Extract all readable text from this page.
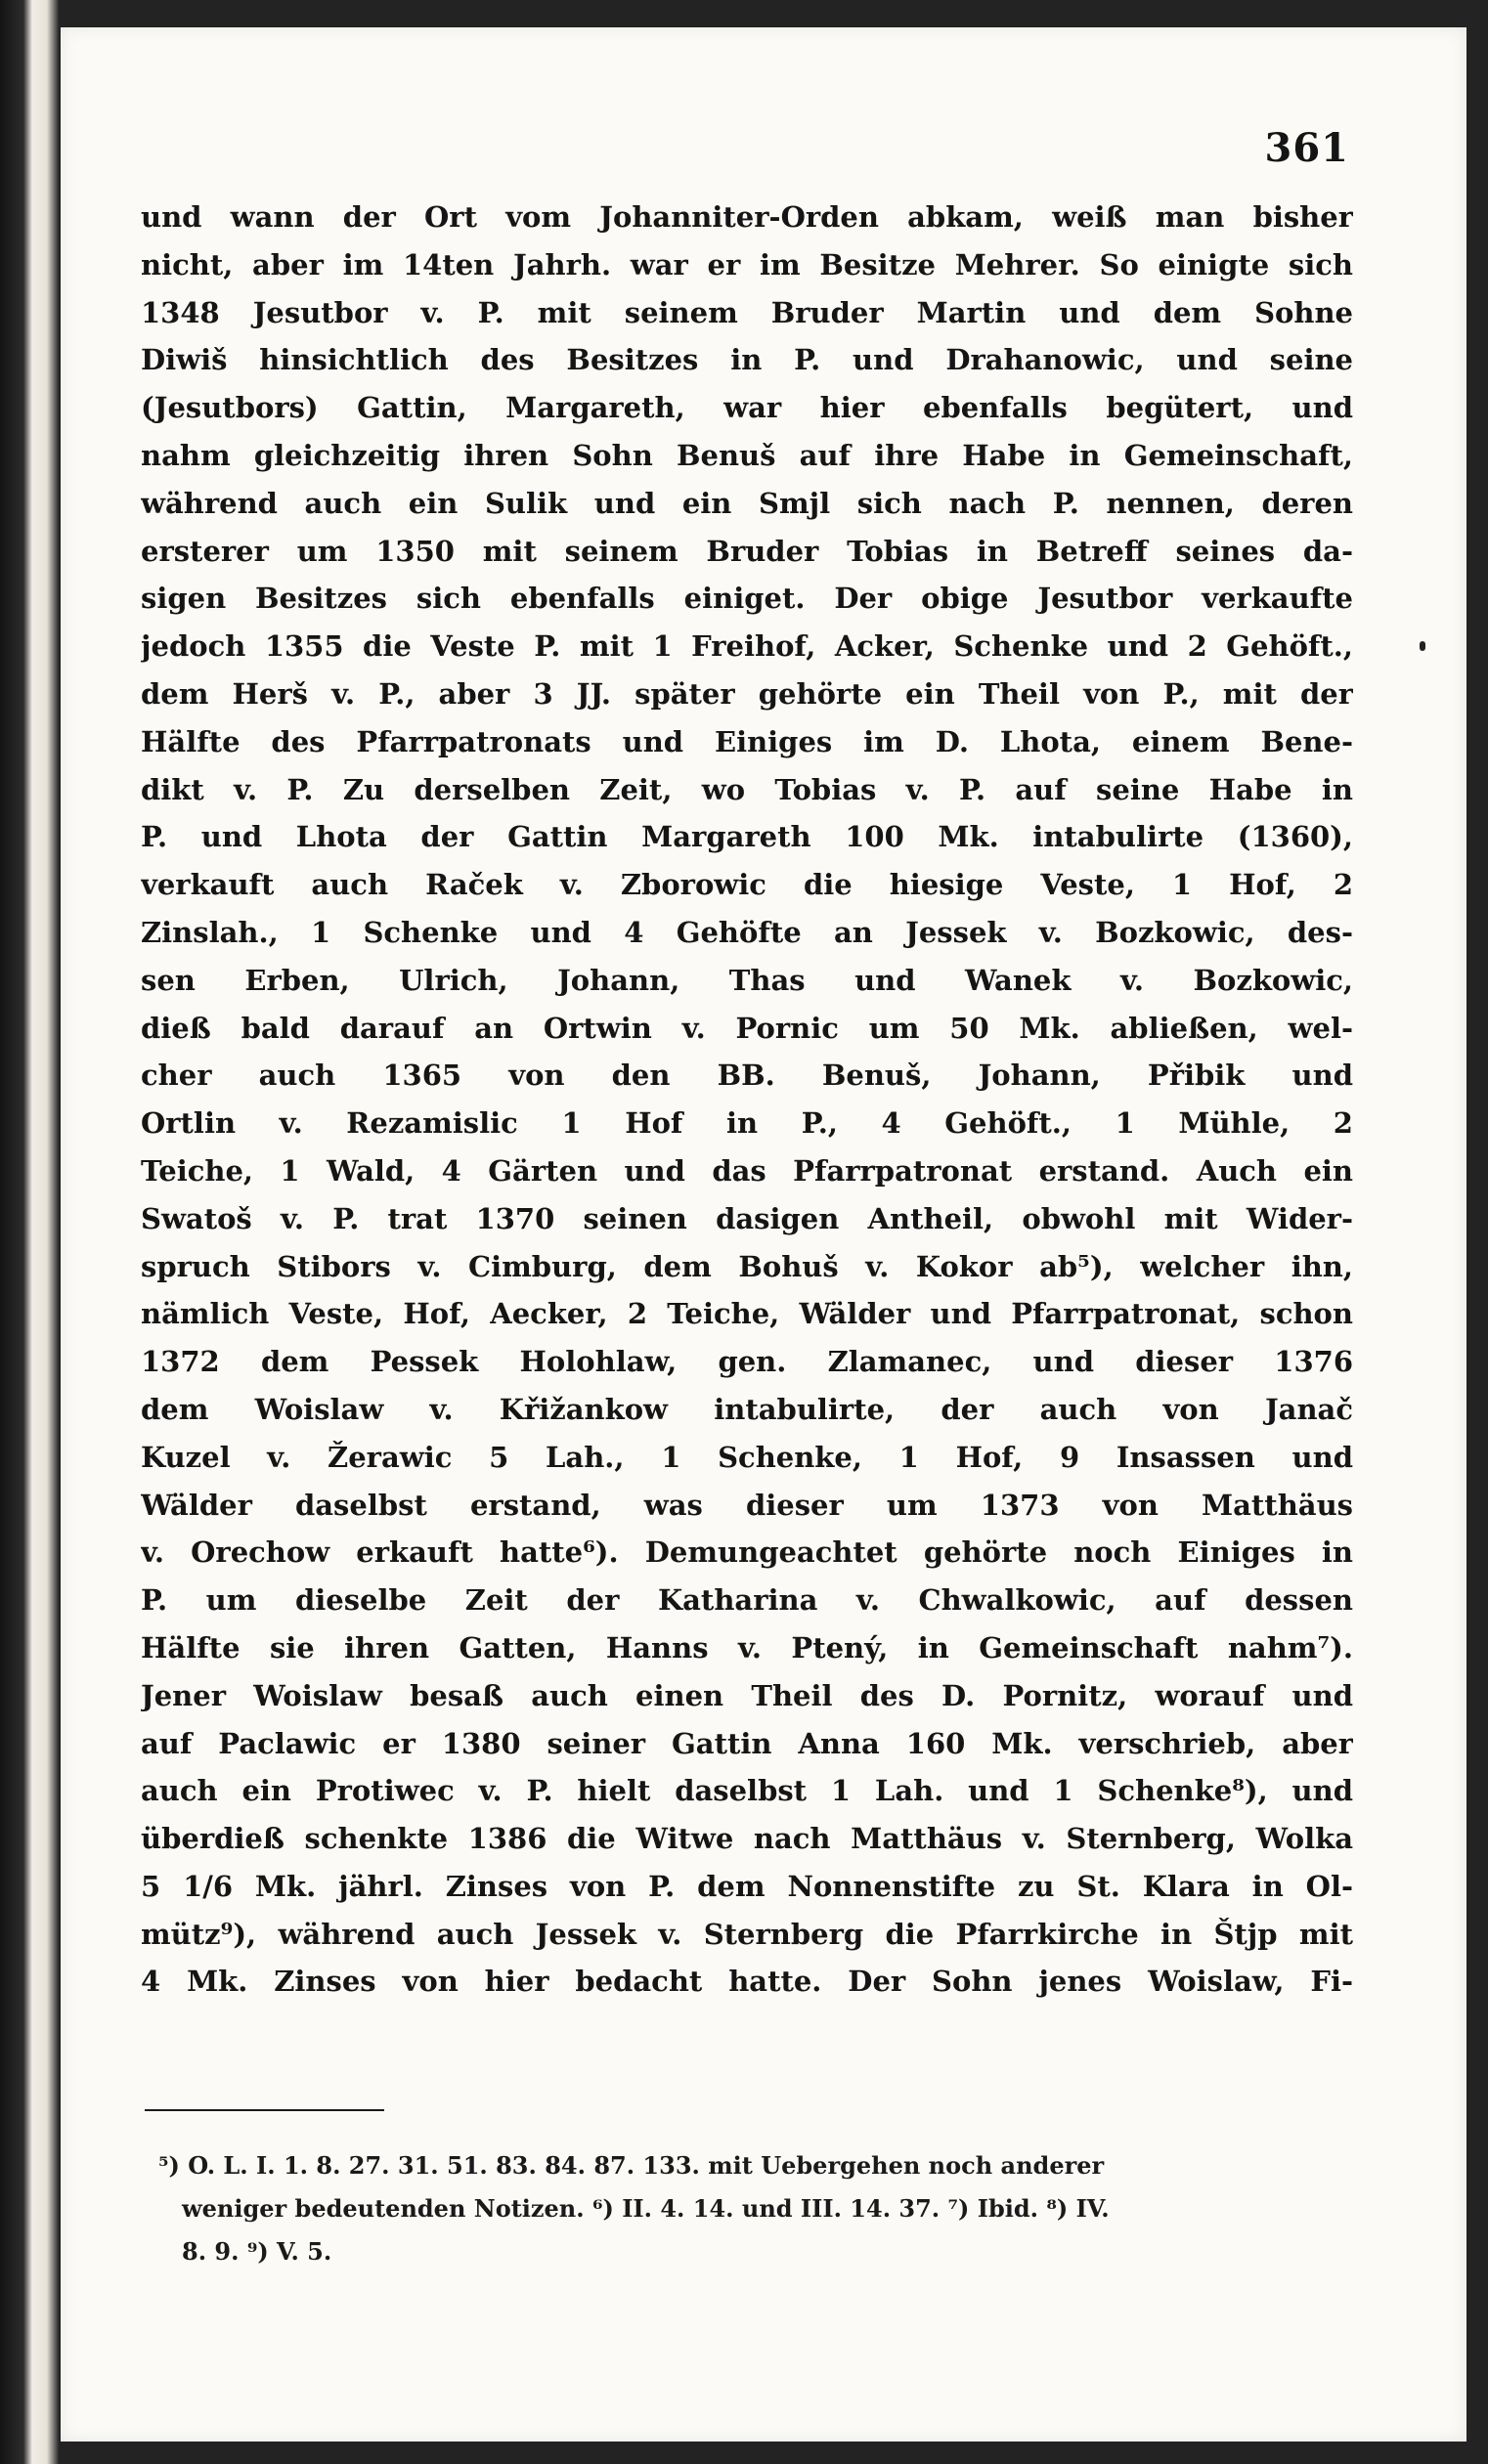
361
und wann der Ort vom Johanniter-Orden abkam, weiß man bisher
nicht, aber im 14ten Jahrh. war er im Besitze Mehrer. So einigte sich
1348 Jesutbor v. P. mit seinem Bruder Martin und dem Sohne
Diwiš hinsichtlich des Besitzes in P. und Drahanowic, und seine
(Jesutbors) Gattin, Margareth, war hier ebenfalls begütert, und
nahm gleichzeitig ihren Sohn Benuš auf ihre Habe in Gemeinschaft,
während auch ein Sulik und ein Smjl sich nach P. nennen, deren
ersterer um 1350 mit seinem Bruder Tobias in Betreff seines da-
sigen Besitzes sich ebenfalls einiget. Der obige Jesutbor verkaufte
jedoch 1355 die Veste P. mit 1 Freihof, Acker, Schenke und 2 Gehöft.,
dem Herš v. P., aber 3 JJ. später gehörte ein Theil von P., mit der
Hälfte des Pfarrpatronats und Einiges im D. Lhota, einem Bene-
dikt v. P. Zu derselben Zeit, wo Tobias v. P. auf seine Habe in
P. und Lhota der Gattin Margareth 100 Mk. intabulirte (1360),
verkauft auch Raček v. Zborowic die hiesige Veste, 1 Hof, 2
Zinslah., 1 Schenke und 4 Gehöfte an Jessek v. Bozkowic, des-
sen Erben, Ulrich, Johann, Thas und Wanek v. Bozkowic,
dieß bald darauf an Ortwin v. Pornic um 50 Mk. abließen, wel-
cher auch 1365 von den BB. Benuš, Johann, Přibik und
Ortlin v. Rezamislic 1 Hof in P., 4 Gehöft., 1 Mühle, 2
Teiche, 1 Wald, 4 Gärten und das Pfarrpatronat erstand. Auch ein
Swatoš v. P. trat 1370 seinen dasigen Antheil, obwohl mit Wider-
spruch Stibors v. Cimburg, dem Bohuš v. Kokor ab⁵), welcher ihn,
nämlich Veste, Hof, Aecker, 2 Teiche, Wälder und Pfarrpatronat, schon
1372 dem Pessek Holohlaw, gen. Zlamanec, und dieser 1376
dem Woislaw v. Křižankow intabulirte, der auch von Janač
Kuzel v. Žerawic 5 Lah., 1 Schenke, 1 Hof, 9 Insassen und
Wälder daselbst erstand, was dieser um 1373 von Matthäus
v. Orechow erkauft hatte⁶). Demungeachtet gehörte noch Einiges in
P. um dieselbe Zeit der Katharina v. Chwalkowic, auf dessen
Hälfte sie ihren Gatten, Hanns v. Ptený, in Gemeinschaft nahm⁷).
Jener Woislaw besaß auch einen Theil des D. Pornitz, worauf und
auf Paclawic er 1380 seiner Gattin Anna 160 Mk. verschrieb, aber
auch ein Protiwec v. P. hielt daselbst 1 Lah. und 1 Schenke⁸), und
überdieß schenkte 1386 die Witwe nach Matthäus v. Sternberg, Wolka
5 1/6 Mk. jährl. Zinses von P. dem Nonnenstifte zu St. Klara in Ol-
mütz⁹), während auch Jessek v. Sternberg die Pfarrkirche in Štjp mit
4 Mk. Zinses von hier bedacht hatte. Der Sohn jenes Woislaw, Fi-
⁵) O. L. I. 1. 8. 27. 31. 51. 83. 84. 87. 133. mit Uebergehen noch anderer
weniger bedeutenden Notizen. ⁶) II. 4. 14. und III. 14. 37. ⁷) Ibid. ⁸) IV.
8. 9. ⁹) V. 5.
